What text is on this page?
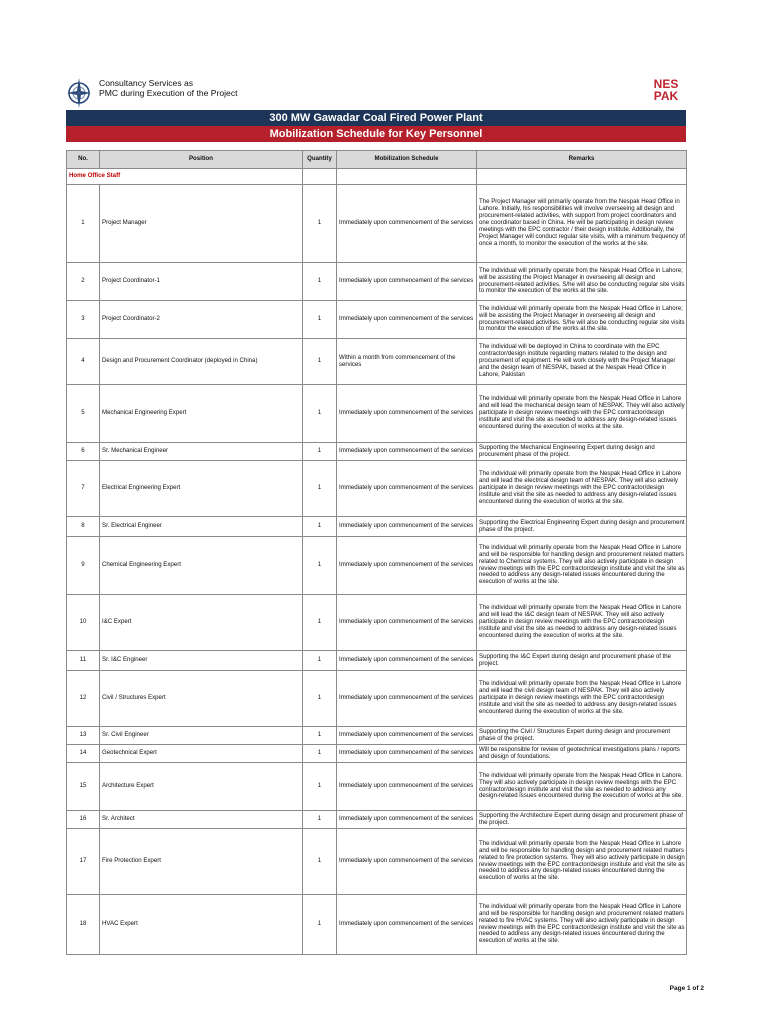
Consultancy Services as
PMC during Execution of the Project
NES
PAK
300 MW Gawadar Coal Fired Power Plant
Mobilization Schedule for Key Personnel
No.	Position	Quantity	Mobilization Schedule	Remarks
Home Office Staff				
1	Project Manager	1	Immediately upon commencement of the services	The Project Manager will primarily operate from the Nespak Head Office in Lahore. Initially, his responsibilities will involve overseeing all design and procurement-related activities, with support from project coordinators and one coordinator based in China. He will be participating in design review meetings with the EPC contractor / their design institute. Additionally, the Project Manager will conduct regular site visits, with a minimum frequency of once a month, to monitor the execution of the works at the site.
2	Project Coordinator-1	1	Immediately upon commencement of the services	The individual will primarily operate from the Nespak Head Office in Lahore; will be assisting the Project Manager in overseeing all design and procurement-related activities. S/he will also be conducting regular site visits to monitor the execution of the works at the site.
3	Project Coordinator-2	1	Immediately upon commencement of the services	The individual will primarily operate from the Nespak Head Office in Lahore; will be assisting the Project Manager in overseeing all design and procurement-related activities. S/he will also be conducting regular site visits to monitor the execution of the works at the site.
4	Design and Procurement Coordinator (deployed in China)	1	Within a month from commencement of the services	The individual will be deployed in China to coordinate with the EPC contractor/design institute regarding matters related to the design and procurement of equipment. He will work closely with the Project Manager and the design team of NESPAK, based at the Nespak Head Office in Lahore, Pakistan
5	Mechanical Engineering Expert	1	Immediately upon commencement of the services	The individual will primarily operate from the Nespak Head Office in Lahore and will lead the mechanical design team of NESPAK. They will also actively participate in design review meetings with the EPC contractor/design institute and visit the site as needed to address any design-related issues encountered during the execution of works at the site.
6	Sr. Mechanical Engineer	1	Immediately upon commencement of the services	Supporting the Mechanical Engineering Expert during design and procurement phase of the project.
7	Electrical Engineering Expert	1	Immediately upon commencement of the services	The individual will primarily operate from the Nespak Head Office in Lahore and will lead the electrical design team of NESPAK. They will also actively participate in design review meetings with the EPC contractor/design institute and visit the site as needed to address any design-related issues encountered during the execution of works at the site.
8	Sr. Electrical Engineer	1	Immediately upon commencement of the services	Supporting the Electrical Engineering Expert during design and procurement phase of the project.
9	Chemical Engineering Expert	1	Immediately upon commencement of the services	The individual will primarily operate from the Nespak Head Office in Lahore and will be responsible for handling design and procurement related matters related to Chemical systems. They will also actively participate in design review meetings with the EPC contractor/design institute and visit the site as needed to address any design-related issues encountered during the execution of works at the site.
10	I&C Expert	1	Immediately upon commencement of the services	The individual will primarily operate from the Nespak Head Office in Lahore and will lead the I&C design team of NESPAK. They will also actively participate in design review meetings with the EPC contractor/design institute and visit the site as needed to address any design-related issues encountered during the execution of works at the site.
11	Sr. I&C Engineer	1	Immediately upon commencement of the services	Supporting the I&C Expert during design and procurement phase of the project.
12	Civil / Structures Expert	1	Immediately upon commencement of the services	The individual will primarily operate from the Nespak Head Office in Lahore and will lead the civil design team of NESPAK. They will also actively participate in design review meetings with the EPC contractor/design institute and visit the site as needed to address any design-related issues encountered during the execution of works at the site.
13	Sr. Civil Engineer	1	Immediately upon commencement of the services	Supporting the Civil / Structures Expert during design and procurement phase of the project.
14	Geotechnical Expert	1	Immediately upon commencement of the services	Will be responsible for review of geotechnical investigations plans / reports and design of foundations.
15	Architecture Expert	1	Immediately upon commencement of the services	The individual will primarily operate from the Nespak Head Office in Lahore. They will also actively participate in design review meetings with the EPC contractor/design institute and visit the site as needed to address any design-related issues encountered during the execution of works at the site.
16	Sr. Architect	1	Immediately upon commencement of the services	Supporting the Architecture Expert during design and procurement phase of the project.
17	Fire Protection Expert	1	Immediately upon commencement of the services	The individual will primarily operate from the Nespak Head Office in Lahore and will be responsible for handling design and procurement related matters related to fire protection systems. They will also actively participate in design review meetings with the EPC contractor/design institute and visit the site as needed to address any design-related issues encountered during the execution of works at the site.
18	HVAC Expert	1	Immediately upon commencement of the services	The individual will primarily operate from the Nespak Head Office in Lahore and will be responsible for handling design and procurement related matters related to fire HVAC systems. They will also actively participate in design review meetings with the EPC contractor/design institute and visit the site as needed to address any design-related issues encountered during the execution of works at the site.
Page 1 of 2
